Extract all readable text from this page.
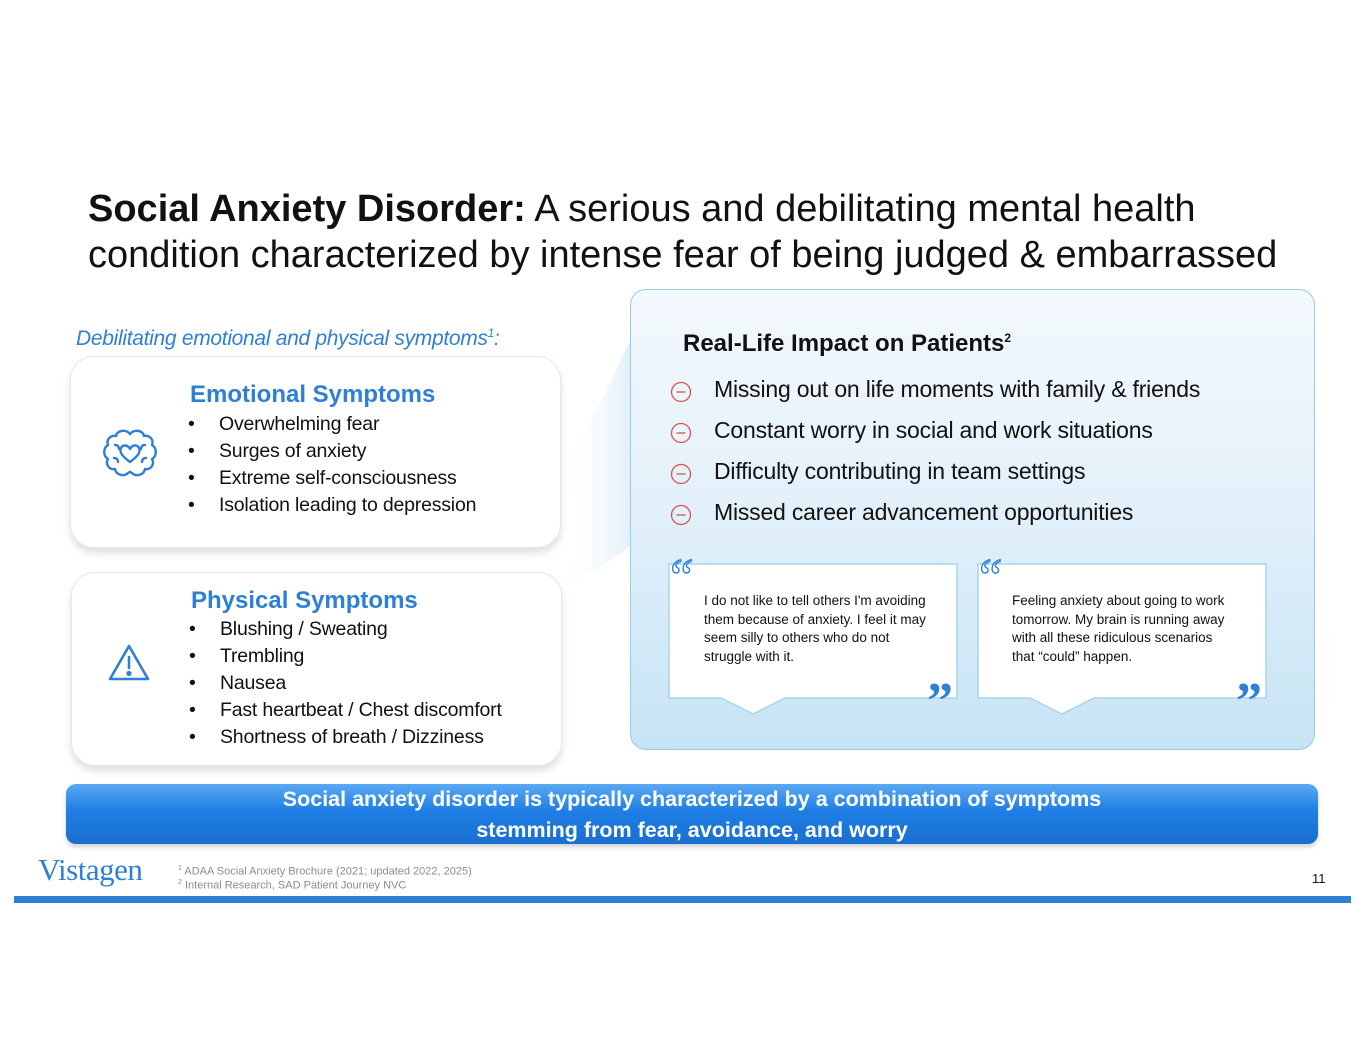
Social Anxiety Disorder: A serious and debilitating mental health condition characterized by intense fear of being judged & embarrassed
Debilitating emotional and physical symptoms$^1$:
Emotional Symptoms
• Overwhelming fear
• Surges of anxiety
• Extreme self-consciousness
• Isolation leading to depression
Physical Symptoms
• Blushing / Sweating
• Trembling
• Nausea
• Fast heartbeat / Chest discomfort
• Shortness of breath / Dizziness
Real-Life Impact on Patients$^2$
Missing out on life moments with family & friends
Constant worry in social and work situations
Difficulty contributing in team settings
Missed career advancement opportunities
“ I do not like to tell others I'm avoiding them because of anxiety. I feel it may seem silly to others who do not struggle with it.
”
“ Feeling anxiety about going to work tomorrow. My brain is running away with all these ridiculous scenarios that “could” happen.
”
Social anxiety disorder is typically characterized by a combination of symptoms
stemming from fear, avoidance, and worry
Vistagen	$^1$ ADAA Social Anxiety Brochure (2021; updated 2022, 2025)
$^2$ Internal Research, SAD Patient Journey NVC	11
